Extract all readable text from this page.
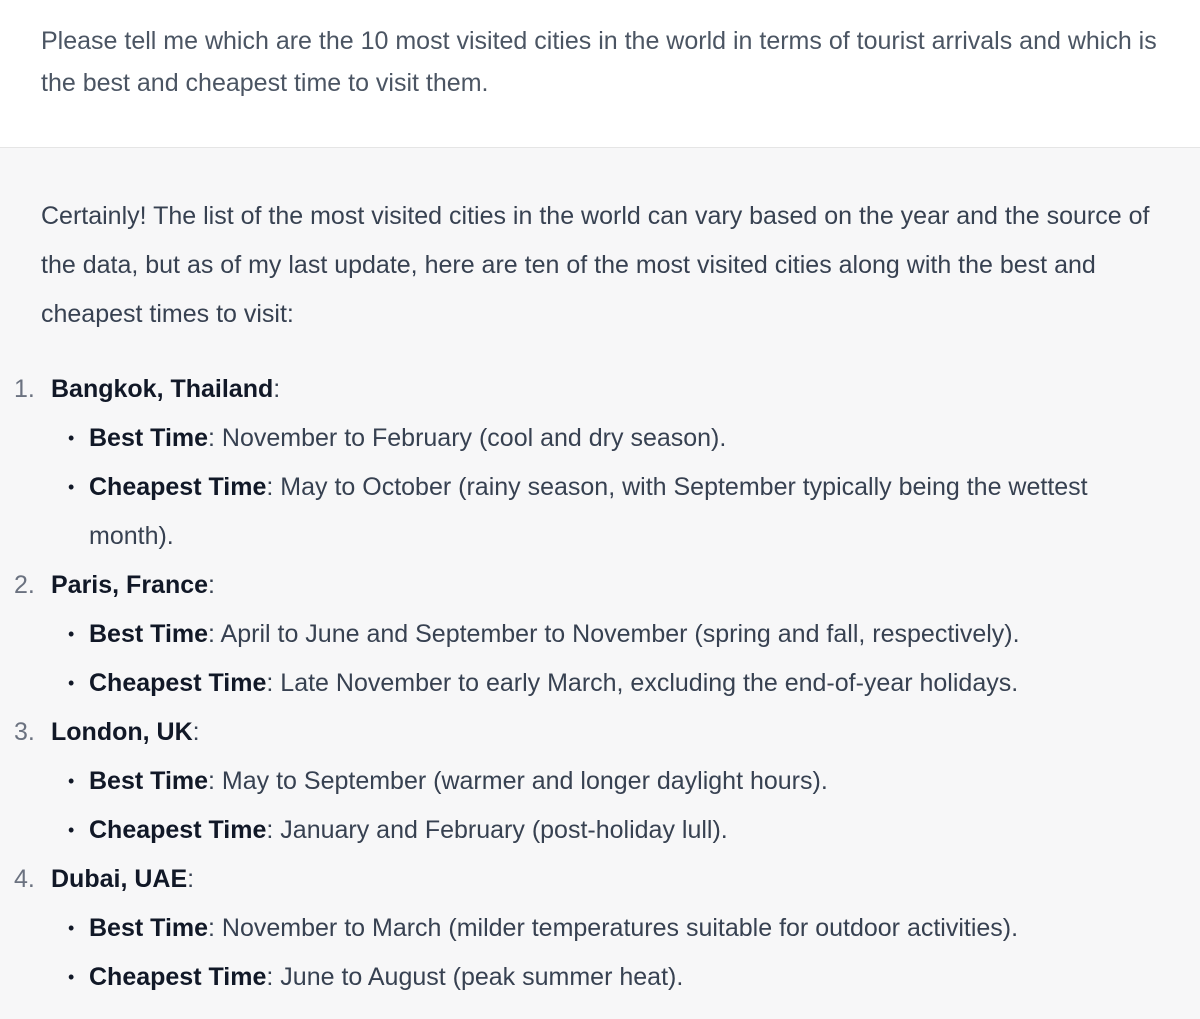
Please tell me which are the 10 most visited cities in the world in terms of tourist arrivals and which is the best and cheapest time to visit them.

Certainly! The list of the most visited cities in the world can vary based on the year and the source of the data, but as of my last update, here are ten of the most visited cities along with the best and cheapest times to visit:

1. Bangkok, Thailand:
• Best Time: November to February (cool and dry season).
• Cheapest Time: May to October (rainy season, with September typically being the wettest month).
2. Paris, France:
• Best Time: April to June and September to November (spring and fall, respectively).
• Cheapest Time: Late November to early March, excluding the end-of-year holidays.
3. London, UK:
• Best Time: May to September (warmer and longer daylight hours).
• Cheapest Time: January and February (post-holiday lull).
4. Dubai, UAE:
• Best Time: November to March (milder temperatures suitable for outdoor activities).
• Cheapest Time: June to August (peak summer heat).
